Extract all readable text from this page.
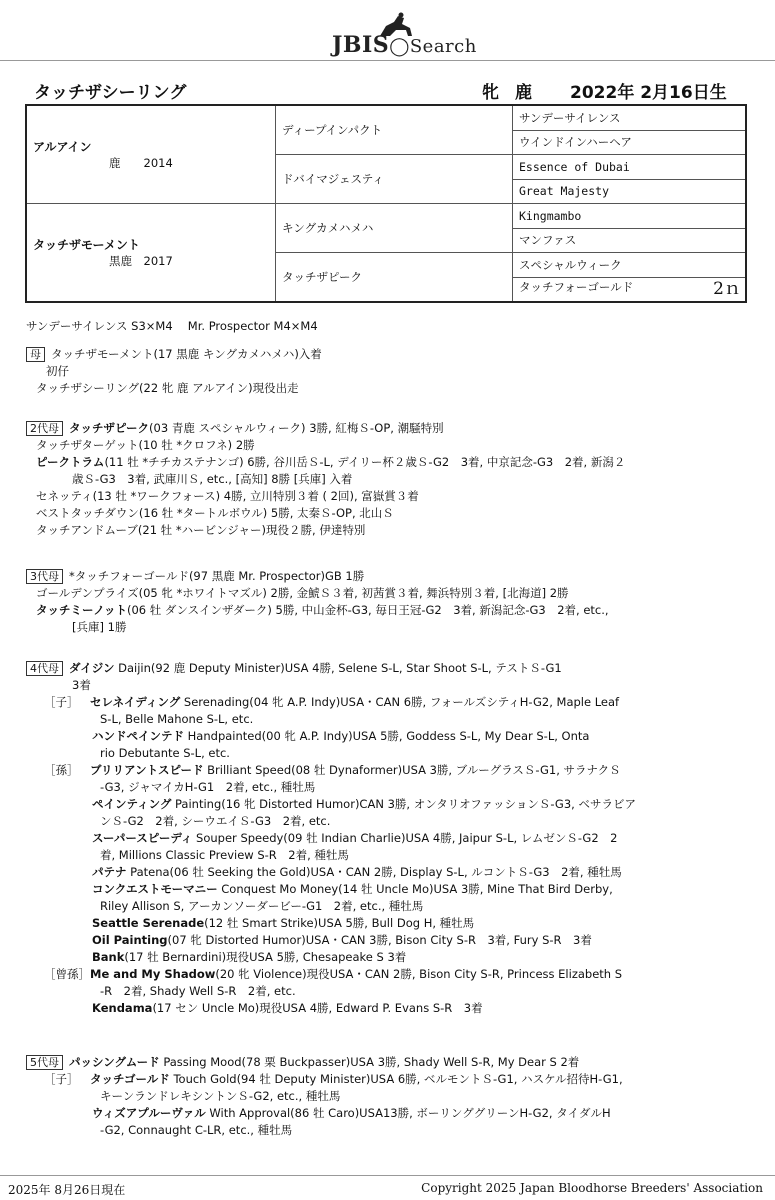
JBIS◯Search
タッチザシーリング	牝 鹿 2022年 2月16日生
アルアイン
鹿　　2014	ディープインパクト	サンデーサイレンス
		ウインドインハーヘア
	ドバイマジェスティ	Essence of Dubai
		Great Majesty

タッチザモーメント
黒鹿　2017	キングカメハメハ	Kingmambo
		マンファス
	タッチザピーク	スペシャルウィーク
		タッチフォーゴールド 2ｎ
サンデーサイレンス S3×M4　 Mr. Prospector M4×M4
母 タッチザモーメント(17 黒鹿 キングカメハメハ)入着
初仔
タッチザシーリング(22 牝 鹿 アルアイン)現役出走
2代母 タッチザピーク(03 青鹿 スペシャルウィーク) 3勝, 紅梅Ｓ-OP, 潮騒特別
タッチザターゲット(10 牡 *クロフネ) 2勝
ピークトラム(11 牡 *チチカステナンゴ) 6勝, 谷川岳Ｓ-L, デイリー杯２歳Ｓ-G2　3着, 中京記念-G3　2着, 新潟２
歳Ｓ-G3　3着, 武庫川Ｓ, etc., [高知] 8勝 [兵庫] 入着
セネッティ(13 牡 *ワークフォース) 4勝, 立川特別３着 ( 2回), 富嶽賞３着
ベストタッチダウン(16 牡 *タートルボウル) 5勝, 太秦Ｓ-OP, 北山Ｓ
タッチアンドムーブ(21 牡 *ハービンジャー)現役２勝, 伊達特別
3代母 *タッチフォーゴールド(97 黒鹿 Mr. Prospector)GB 1勝
ゴールデンプライズ(05 牝 *ホワイトマズル) 2勝, 金鯱Ｓ３着, 初茜賞３着, 舞浜特別３着, [北海道] 2勝
タッチミーノット(06 牡 ダンスインザダーク) 5勝, 中山金杯-G3, 毎日王冠-G2　3着, 新潟記念-G3　2着, etc.,
[兵庫] 1勝
4代母 ダイジン Daijin(92 鹿 Deputy Minister)USA 4勝, Selene S-L, Star Shoot S-L, テストＳ-G1
3着
［子］ セレネイディング Serenading(04 牝 A.P. Indy)USA・CAN 6勝, フォールズシティH-G2, Maple Leaf
S-L, Belle Mahone S-L, etc.
ハンドペインテド Handpainted(00 牝 A.P. Indy)USA 5勝, Goddess S-L, My Dear S-L, Onta
rio Debutante S-L, etc.
［孫］ ブリリアントスピード Brilliant Speed(08 牡 Dynaformer)USA 3勝, ブルーグラスＳ-G1, サラナクＳ
-G3, ジャマイカH-G1　2着, etc., 種牡馬
ペインティング Painting(16 牝 Distorted Humor)CAN 3勝, オンタリオファッションＳ-G3, ベサラビア
ンＳ-G2　2着, シーウエイＳ-G3　2着, etc.
スーパースピーディ Souper Speedy(09 牡 Indian Charlie)USA 4勝, Jaipur S-L, レムゼンＳ-G2　2
着, Millions Classic Preview S-R　2着, 種牡馬
パテナ Patena(06 牡 Seeking the Gold)USA・CAN 2勝, Display S-L, ルコントＳ-G3　2着, 種牡馬
コンクエストモーマニー Conquest Mo Money(14 牡 Uncle Mo)USA 3勝, Mine That Bird Derby,
Riley Allison S, アーカンソーダービー-G1　2着, etc., 種牡馬
Seattle Serenade(12 牡 Smart Strike)USA 5勝, Bull Dog H, 種牡馬
Oil Painting(07 牝 Distorted Humor)USA・CAN 3勝, Bison City S-R　3着, Fury S-R　3着
Bank(17 牡 Bernardini)現役USA 5勝, Chesapeake S 3着
［曾孫］Me and My Shadow(20 牝 Violence)現役USA・CAN 2勝, Bison City S-R, Princess Elizabeth S
-R　2着, Shady Well S-R　2着, etc.
Kendama(17 セン Uncle Mo)現役USA 4勝, Edward P. Evans S-R　3着
5代母 パッシングムード Passing Mood(78 栗 Buckpasser)USA 3勝, Shady Well S-R, My Dear S 2着
［子］ タッチゴールド Touch Gold(94 牡 Deputy Minister)USA 6勝, ベルモントＳ-G1, ハスケル招待H-G1,
キーンランドレキシントンＳ-G2, etc., 種牡馬
ウィズアプルーヴァル With Approval(86 牡 Caro)USA13勝, ボーリンググリーンH-G2, タイダルH
-G2, Connaught C-LR, etc., 種牡馬
2025年 8月26日現在	Copyright 2025 Japan Bloodhorse Breeders' Association
